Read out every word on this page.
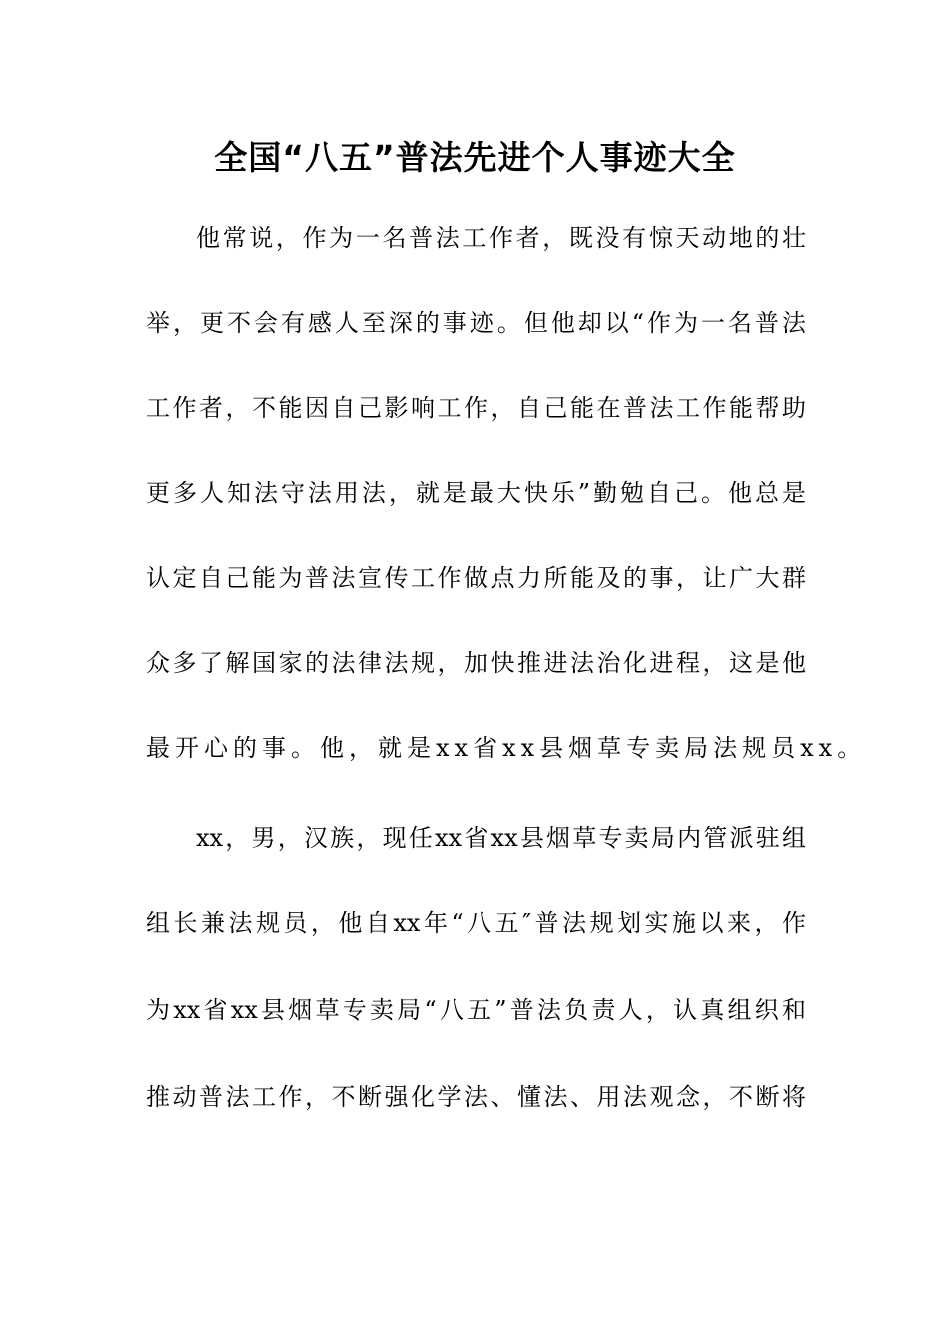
全国“八五”普法先进个人事迹大全
他常说，作为一名普法工作者，既没有惊天动地的壮
举，更不会有感人至深的事迹。但他却以“作为一名普法
工作者，不能因自己影响工作，自己能在普法工作能帮助
更多人知法守法用法，就是最大快乐”勤勉自己。他总是
认定自己能为普法宣传工作做点力所能及的事，让广大群
众多了解国家的法律法规，加快推进法治化进程，这是他
最开心的事。他，就是xx省xx县烟草专卖局法规员xx。
xx，男，汉族，现任xx省xx县烟草专卖局内管派驻组
组长兼法规员，他自xx年“八五″普法规划实施以来，作
为xx省xx县烟草专卖局“八五”普法负责人，认真组织和
推动普法工作，不断强化学法、懂法、用法观念，不断将
